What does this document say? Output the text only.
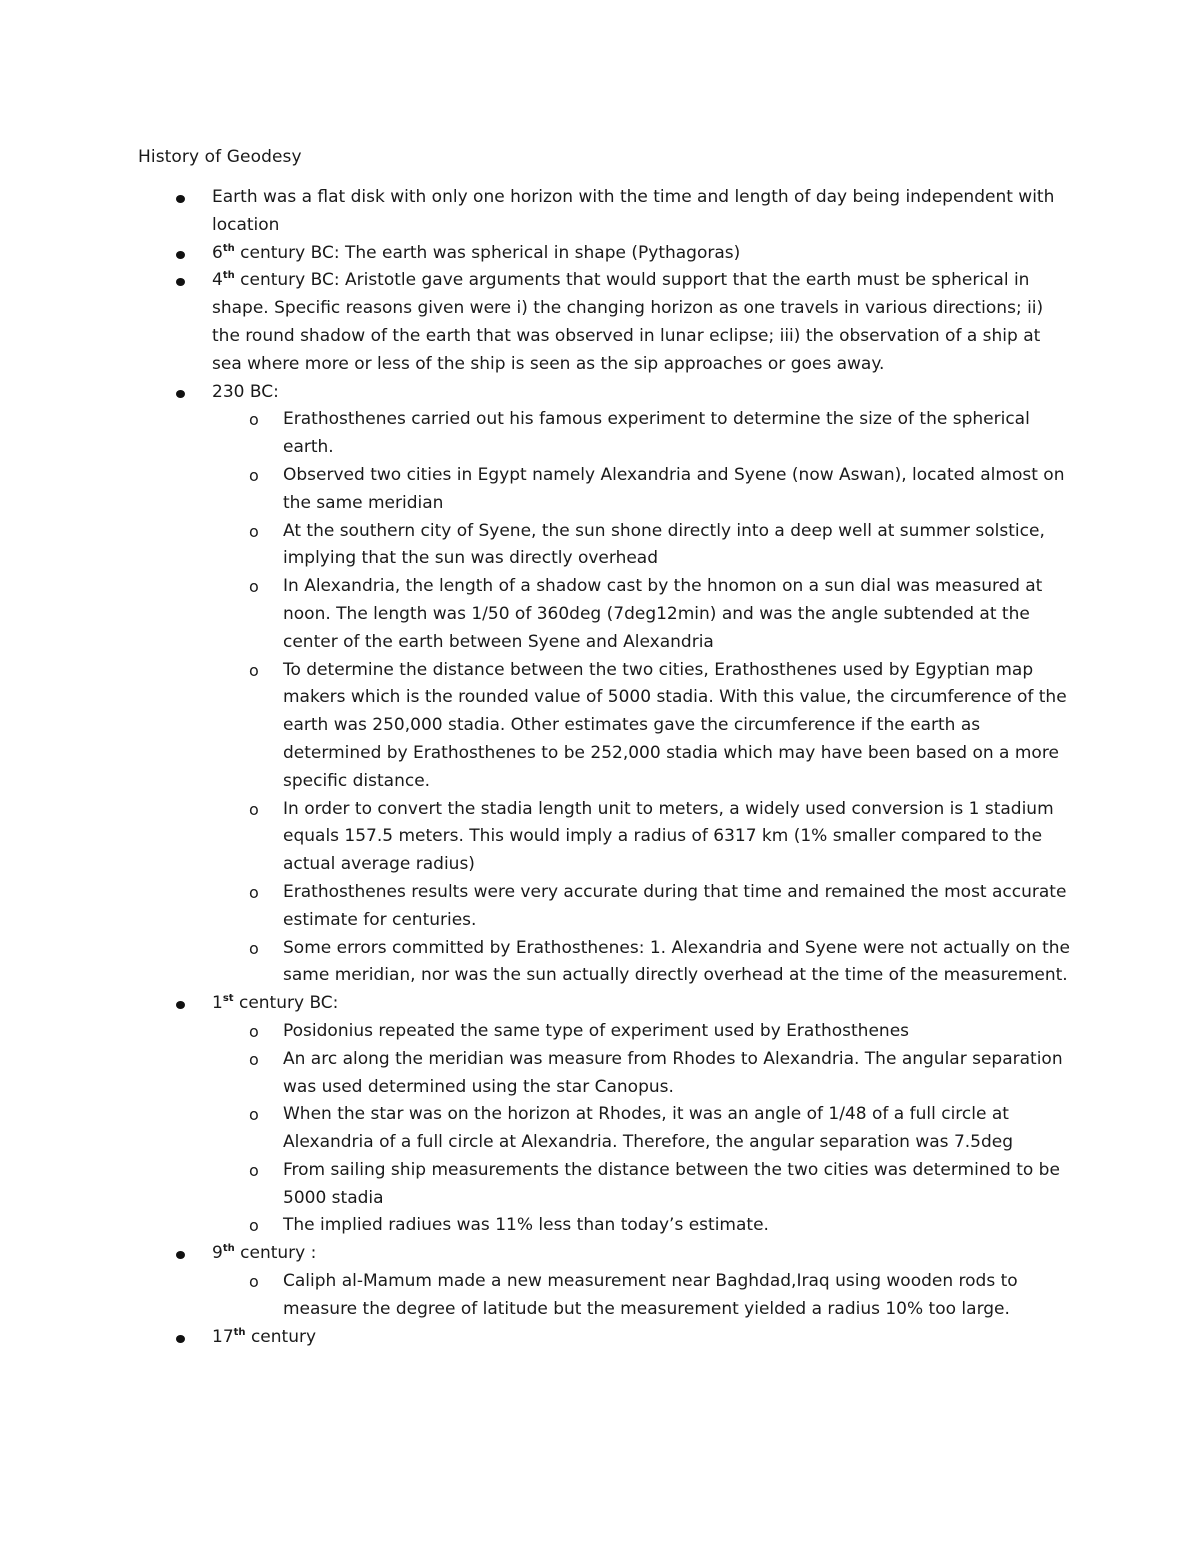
History of Geodesy
Earth was a flat disk with only one horizon with the time and length of day being independent with location
6th century BC: The earth was spherical in shape (Pythagoras)
4th century BC: Aristotle gave arguments that would support that the earth must be spherical in shape. Specific reasons given were i) the changing horizon as one travels in various directions; ii) the round shadow of the earth that was observed in lunar eclipse; iii) the observation of a ship at sea where more or less of the ship is seen as the sip approaches or goes away.
230 BC:
o Erathosthenes carried out his famous experiment to determine the size of the spherical earth.
o Observed two cities in Egypt namely Alexandria and Syene (now Aswan), located almost on the same meridian
o At the southern city of Syene, the sun shone directly into a deep well at summer solstice, implying that the sun was directly overhead
o In Alexandria, the length of a shadow cast by the hnomon on a sun dial was measured at noon. The length was 1/50 of 360deg (7deg12min) and was the angle subtended at the center of the earth between Syene and Alexandria
o To determine the distance between the two cities, Erathosthenes used by Egyptian map makers which is the rounded value of 5000 stadia. With this value, the circumference of the earth was 250,000 stadia. Other estimates gave the circumference if the earth as determined by Erathosthenes to be 252,000 stadia which may have been based on a more specific distance.
o In order to convert the stadia length unit to meters, a widely used conversion is 1 stadium equals 157.5 meters. This would imply a radius of 6317 km (1% smaller compared to the actual average radius)
o Erathosthenes results were very accurate during that time and remained the most accurate estimate for centuries.
o Some errors committed by Erathosthenes: 1. Alexandria and Syene were not actually on the same meridian, nor was the sun actually directly overhead at the time of the measurement.
1st century BC:
o Posidonius repeated the same type of experiment used by Erathosthenes
o An arc along the meridian was measure from Rhodes to Alexandria. The angular separation was used determined using the star Canopus.
o When the star was on the horizon at Rhodes, it was an angle of 1/48 of a full circle at Alexandria of a full circle at Alexandria. Therefore, the angular separation was 7.5deg
o From sailing ship measurements the distance between the two cities was determined to be 5000 stadia
o The implied radiues was 11% less than today’s estimate.
9th century :
o Caliph al-Mamum made a new measurement near Baghdad,Iraq using wooden rods to measure the degree of latitude but the measurement yielded a radius 10% too large.
17th century
